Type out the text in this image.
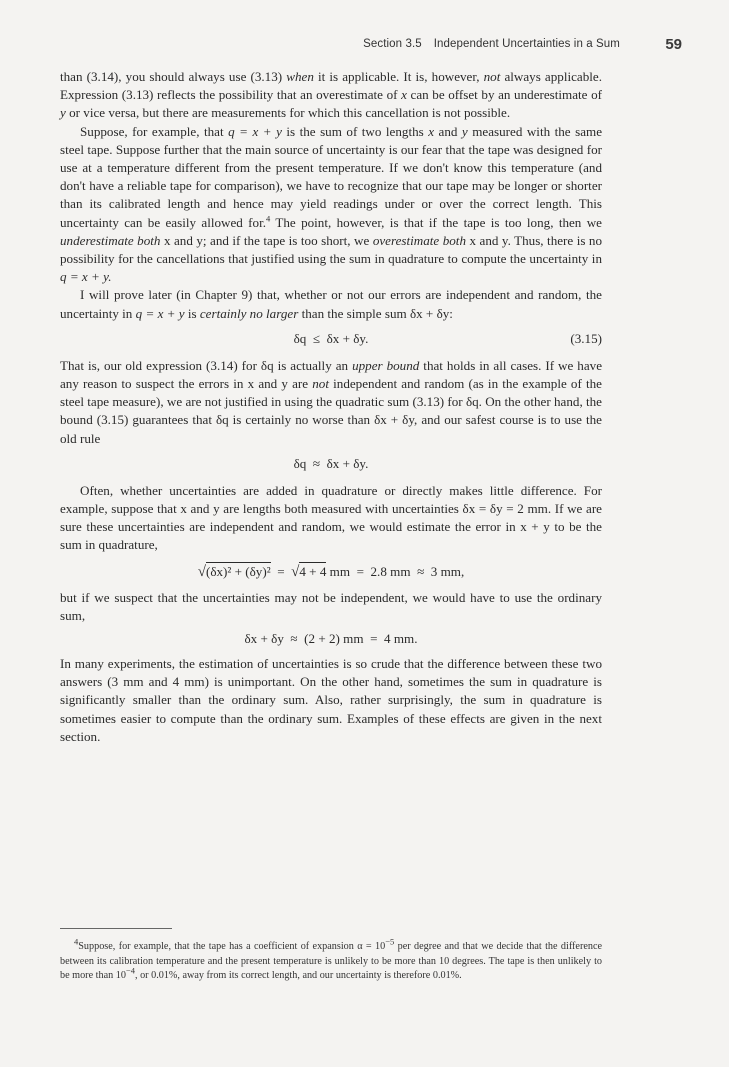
Section 3.5 Independent Uncertainties in a Sum	59

than (3.14), you should always use (3.13) when it is applicable. It is, however, not always applicable. Expression (3.13) reflects the possibility that an overestimate of x can be offset by an underestimate of y or vice versa, but there are measurements for which this cancellation is not possible.

Suppose, for example, that q = x + y is the sum of two lengths x and y measured with the same steel tape. Suppose further that the main source of uncertainty is our fear that the tape was designed for use at a temperature different from the present temperature. If we don't know this temperature (and don't have a reliable tape for comparison), we have to recognize that our tape may be longer or shorter than its calibrated length and hence may yield readings under or over the correct length. This uncertainty can be easily allowed for.$^4$ The point, however, is that if the tape is too long, then we underestimate both x and y; and if the tape is too short, we overestimate both x and y. Thus, there is no possibility for the cancellations that justified using the sum in quadrature to compute the uncertainty in q = x + y.

I will prove later (in Chapter 9) that, whether or not our errors are independent and random, the uncertainty in q = x + y is certainly no larger than the simple sum δx + δy:

δq  ≤  δx + δy.	(3.15)

That is, our old expression (3.14) for δq is actually an upper bound that holds in all cases. If we have any reason to suspect the errors in x and y are not independent and random (as in the example of the steel tape measure), we are not justified in using the quadratic sum (3.13) for δq. On the other hand, the bound (3.15) guarantees that δq is certainly no worse than δx + δy, and our safest course is to use the old rule

δq  ≈  δx + δy.

Often, whether uncertainties are added in quadrature or directly makes little difference. For example, suppose that x and y are lengths both measured with uncertainties δx = δy = 2 mm. If we are sure these uncertainties are independent and random, we would estimate the error in x + y to be the sum in quadrature,

√(δx)² + (δy)²  =  √4 + 4 mm  =  2.8 mm  ≈  3 mm,

but if we suspect that the uncertainties may not be independent, we would have to use the ordinary sum,

δx + δy  ≈  (2 + 2) mm  =  4 mm.

In many experiments, the estimation of uncertainties is so crude that the difference between these two answers (3 mm and 4 mm) is unimportant. On the other hand, sometimes the sum in quadrature is significantly smaller than the ordinary sum. Also, rather surprisingly, the sum in quadrature is sometimes easier to compute than the ordinary sum. Examples of these effects are given in the next section.

$^4$Suppose, for example, that the tape has a coefficient of expansion $\alpha = 10^{-5}$ per degree and that we decide that the difference between its calibration temperature and the present temperature is unlikely to be more than 10 degrees. The tape is then unlikely to be more than $10^{-4}$, or 0.01%, away from its correct length, and our uncertainty is therefore 0.01%.
